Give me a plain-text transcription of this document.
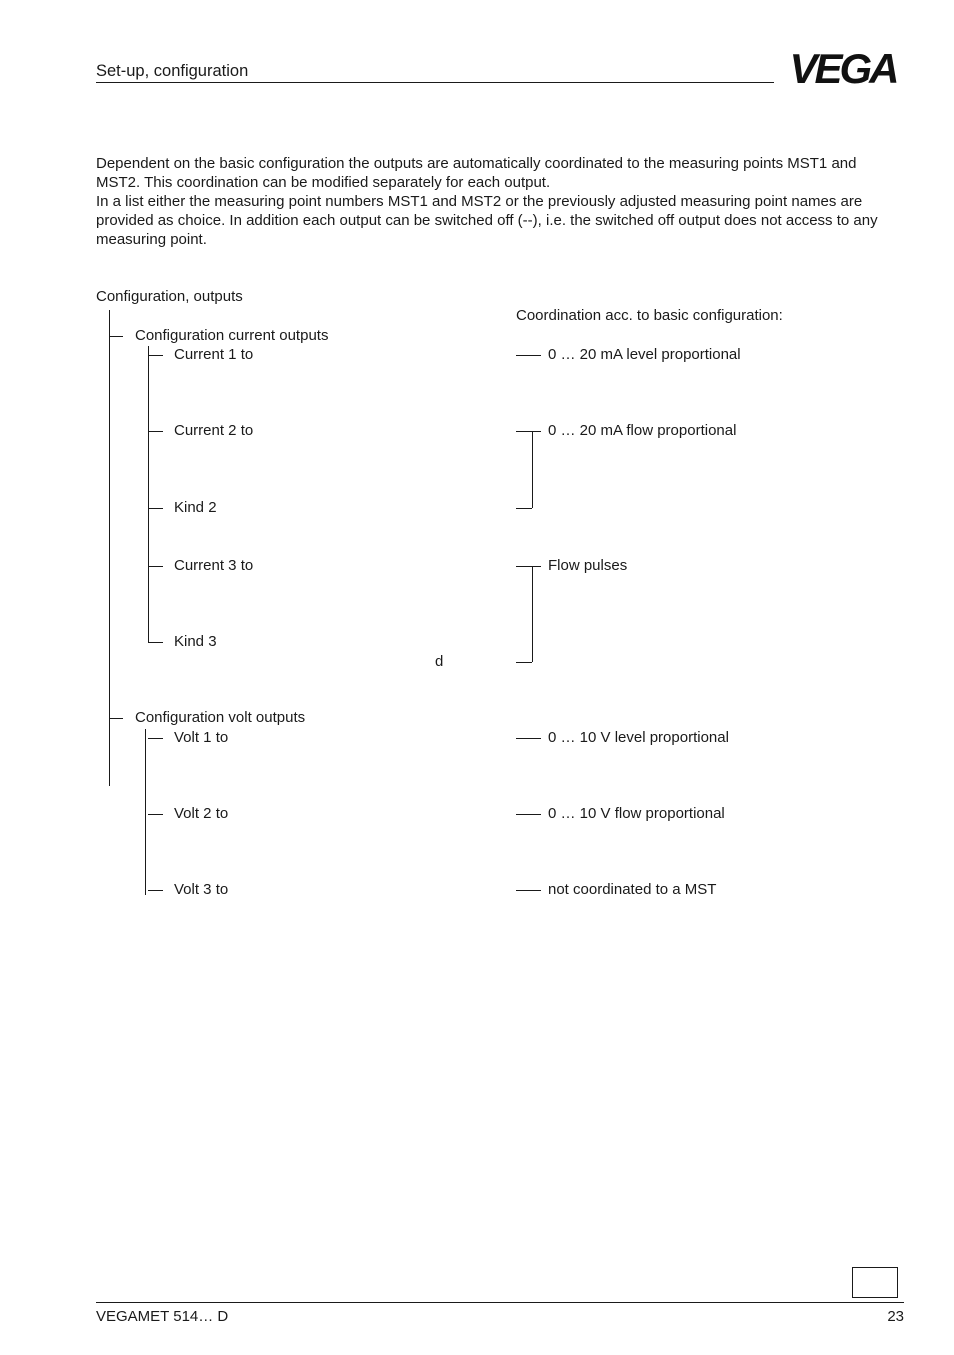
Set-up, configuration	VEGA

Dependent on the basic configuration the outputs are automatically coordinated to the measuring points MST1 and MST2. This coordination can be modified separately for each output.

In a list either the measuring point numbers MST1 and MST2 or the previously adjusted measuring point names are provided as choice. In addition each output can be switched off (--), i.e. the switched off output does not access to any measuring point.

Configuration, outputs
Coordination acc. to basic configuration:
Configuration current outputs
Current 1 to
Current 2 to
Kind 2
Current 3 to
Kind 3
d
Configuration volt outputs
Volt 1 to
Volt 2 to
Volt 3 to
0 … 20 mA level proportional
0 … 20 mA flow proportional
Flow pulses
0 … 10 V level proportional
0 … 10 V flow proportional
not coordinated to a MST
VEGAMET 514… D	23
